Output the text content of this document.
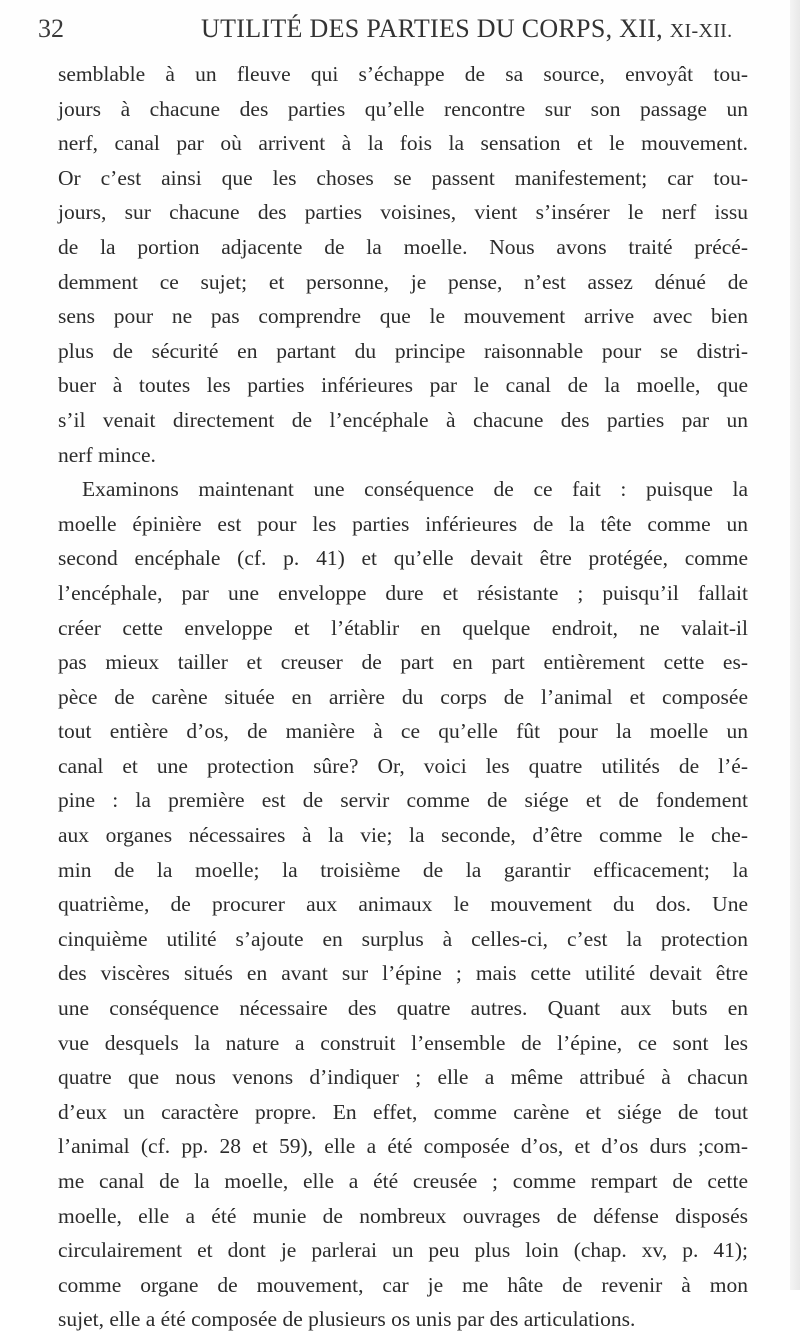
32	UTILITÉ DES PARTIES DU CORPS, XII, XI-XII.
semblable à un fleuve qui s’échappe de sa source, envoyât tou-
jours à chacune des parties qu’elle rencontre sur son passage un
nerf, canal par où arrivent à la fois la sensation et le mouvement.
Or c’est ainsi que les choses se passent manifestement; car tou-
jours, sur chacune des parties voisines, vient s’insérer le nerf issu
de la portion adjacente de la moelle. Nous avons traité précé-
demment ce sujet; et personne, je pense, n’est assez dénué de
sens pour ne pas comprendre que le mouvement arrive avec bien
plus de sécurité en partant du principe raisonnable pour se distri-
buer à toutes les parties inférieures par le canal de la moelle, que
s’il venait directement de l’encéphale à chacune des parties par un
nerf mince.
Examinons maintenant une conséquence de ce fait : puisque la
moelle épinière est pour les parties inférieures de la tête comme un
second encéphale (cf. p. 41) et qu’elle devait être protégée, comme
l’encéphale, par une enveloppe dure et résistante ; puisqu’il fallait
créer cette enveloppe et l’établir en quelque endroit, ne valait-il
pas mieux tailler et creuser de part en part entièrement cette es-
pèce de carène située en arrière du corps de l’animal et composée
tout entière d’os, de manière à ce qu’elle fût pour la moelle un
canal et une protection sûre? Or, voici les quatre utilités de l’é-
pine : la première est de servir comme de siége et de fondement
aux organes nécessaires à la vie; la seconde, d’être comme le che-
min de la moelle; la troisième de la garantir efficacement; la
quatrième, de procurer aux animaux le mouvement du dos. Une
cinquième utilité s’ajoute en surplus à celles-ci, c’est la protection
des viscères situés en avant sur l’épine ; mais cette utilité devait être
une conséquence nécessaire des quatre autres. Quant aux buts en
vue desquels la nature a construit l’ensemble de l’épine, ce sont les
quatre que nous venons d’indiquer ; elle a même attribué à chacun
d’eux un caractère propre. En effet, comme carène et siége de tout
l’animal (cf. pp. 28 et 59), elle a été composée d’os, et d’os durs ;com-
me canal de la moelle, elle a été creusée ; comme rempart de cette
moelle, elle a été munie de nombreux ouvrages de défense disposés
circulairement et dont je parlerai un peu plus loin (chap. xv, p. 41);
comme organe de mouvement, car je me hâte de revenir à mon
sujet, elle a été composée de plusieurs os unis par des articulations.
